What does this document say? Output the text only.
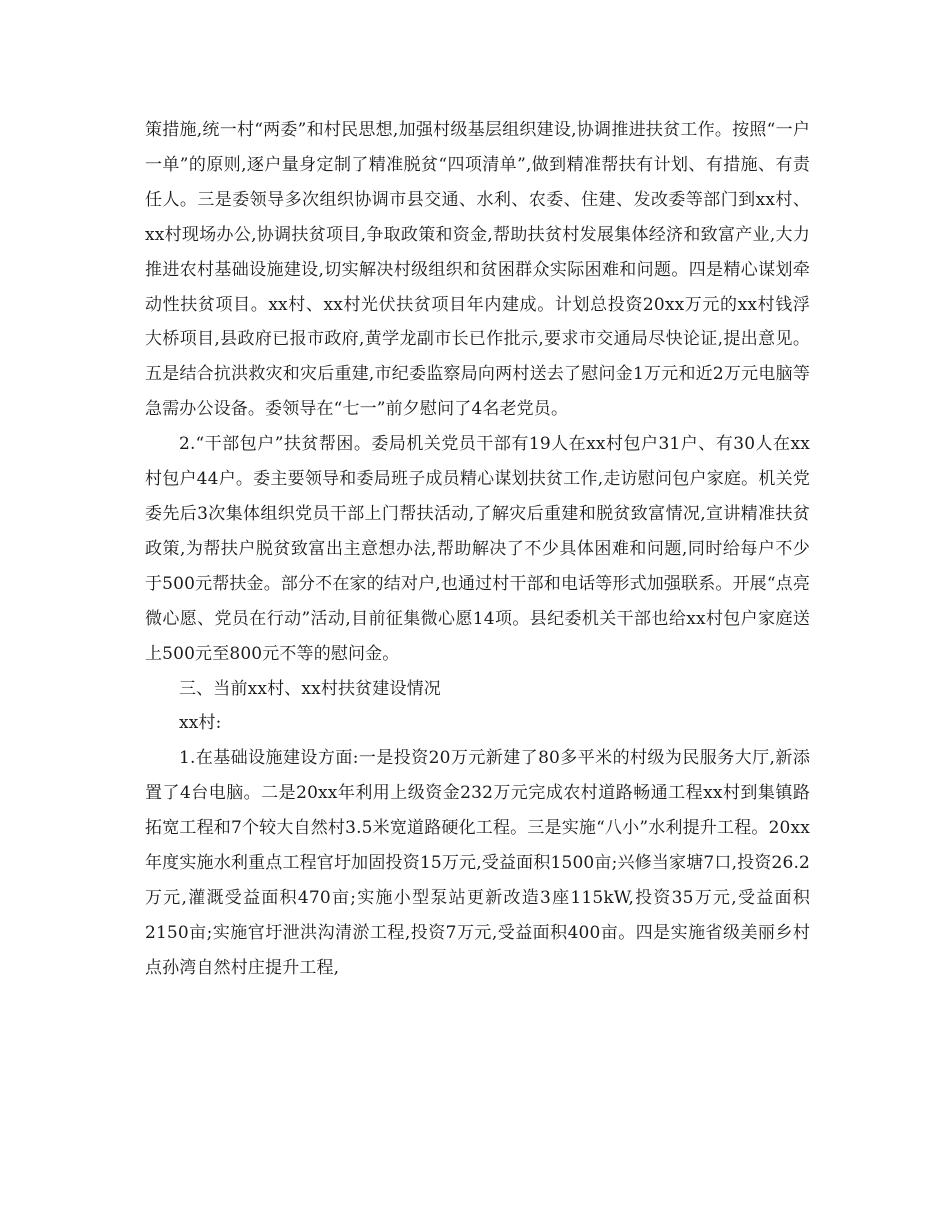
策措施,统一村“两委”和村民思想,加强村级基层组织建设,协调推进扶贫工作。按照“一户一单”的原则,逐户量身定制了精准脱贫“四项清单”,做到精准帮扶有计划、有措施、有责任人。三是委领导多次组织协调市县交通、水利、农委、住建、发改委等部门到xx村、xx村现场办公,协调扶贫项目,争取政策和资金,帮助扶贫村发展集体经济和致富产业,大力推进农村基础设施建设,切实解决村级组织和贫困群众实际困难和问题。四是精心谋划牵动性扶贫项目。xx村、xx村光伏扶贫项目年内建成。计划总投资20xx万元的xx村钱浮大桥项目,县政府已报市政府,黄学龙副市长已作批示,要求市交通局尽快论证,提出意见。五是结合抗洪救灾和灾后重建,市纪委监察局向两村送去了慰问金1万元和近2万元电脑等急需办公设备。委领导在“七一”前夕慰问了4名老党员。

2.“干部包户”扶贫帮困。委局机关党员干部有19人在xx村包户31户、有30人在xx村包户44户。委主要领导和委局班子成员精心谋划扶贫工作,走访慰问包户家庭。机关党委先后3次集体组织党员干部上门帮扶活动,了解灾后重建和脱贫致富情况,宣讲精准扶贫政策,为帮扶户脱贫致富出主意想办法,帮助解决了不少具体困难和问题,同时给每户不少于500元帮扶金。部分不在家的结对户,也通过村干部和电话等形式加强联系。开展“点亮微心愿、党员在行动”活动,目前征集微心愿14项。县纪委机关干部也给xx村包户家庭送上500元至800元不等的慰问金。

三、当前xx村、xx村扶贫建设情况

xx村:

1.在基础设施建设方面:一是投资20万元新建了80多平米的村级为民服务大厅,新添置了4台电脑。二是20xx年利用上级资金232万元完成农村道路畅通工程xx村到集镇路拓宽工程和7个较大自然村3.5米宽道路硬化工程。三是实施“八小”水利提升工程。20xx年度实施水利重点工程官圩加固投资15万元,受益面积1500亩;兴修当家塘7口,投资26.2万元,灌溉受益面积470亩;实施小型泵站更新改造3座115kW,投资35万元,受益面积2150亩;实施官圩泄洪沟清淤工程,投资7万元,受益面积400亩。四是实施省级美丽乡村点孙湾自然村庄提升工程,
